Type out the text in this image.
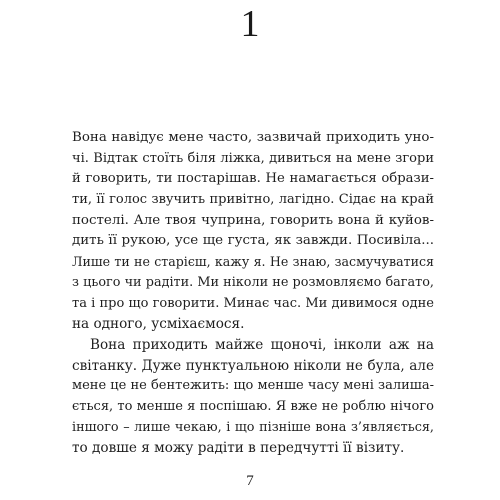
1
Вона навідує мене часто, зазвичай приходить уно-
чі. Відтак стоїть біля ліжка, дивиться на мене згори
й говорить, ти постарішав. Не намагається образи-
ти, її голос звучить привітно, лагідно. Сідає на край
постелі. Але твоя чуприна, говорить вона й куйов-
дить її рукою, усе ще густа, як завжди. Посивіла...
Лише ти не старієш, кажу я. Не знаю, засмучуватися
з цього чи радіти. Ми ніколи не розмовляємо багато,
та і про що говорити. Минає час. Ми дивимося одне
на одного, усміхаємося.
Вона приходить майже щоночі, інколи аж на
світанку. Дуже пунктуальною ніколи не була, але
мене це не бентежить: що менше часу мені залиша-
ється, то менше я поспішаю. Я вже не роблю нічого
іншого – лише чекаю, і що пізніше вона з’являється,
то довше я можу радіти в передчутті її візиту.
7
